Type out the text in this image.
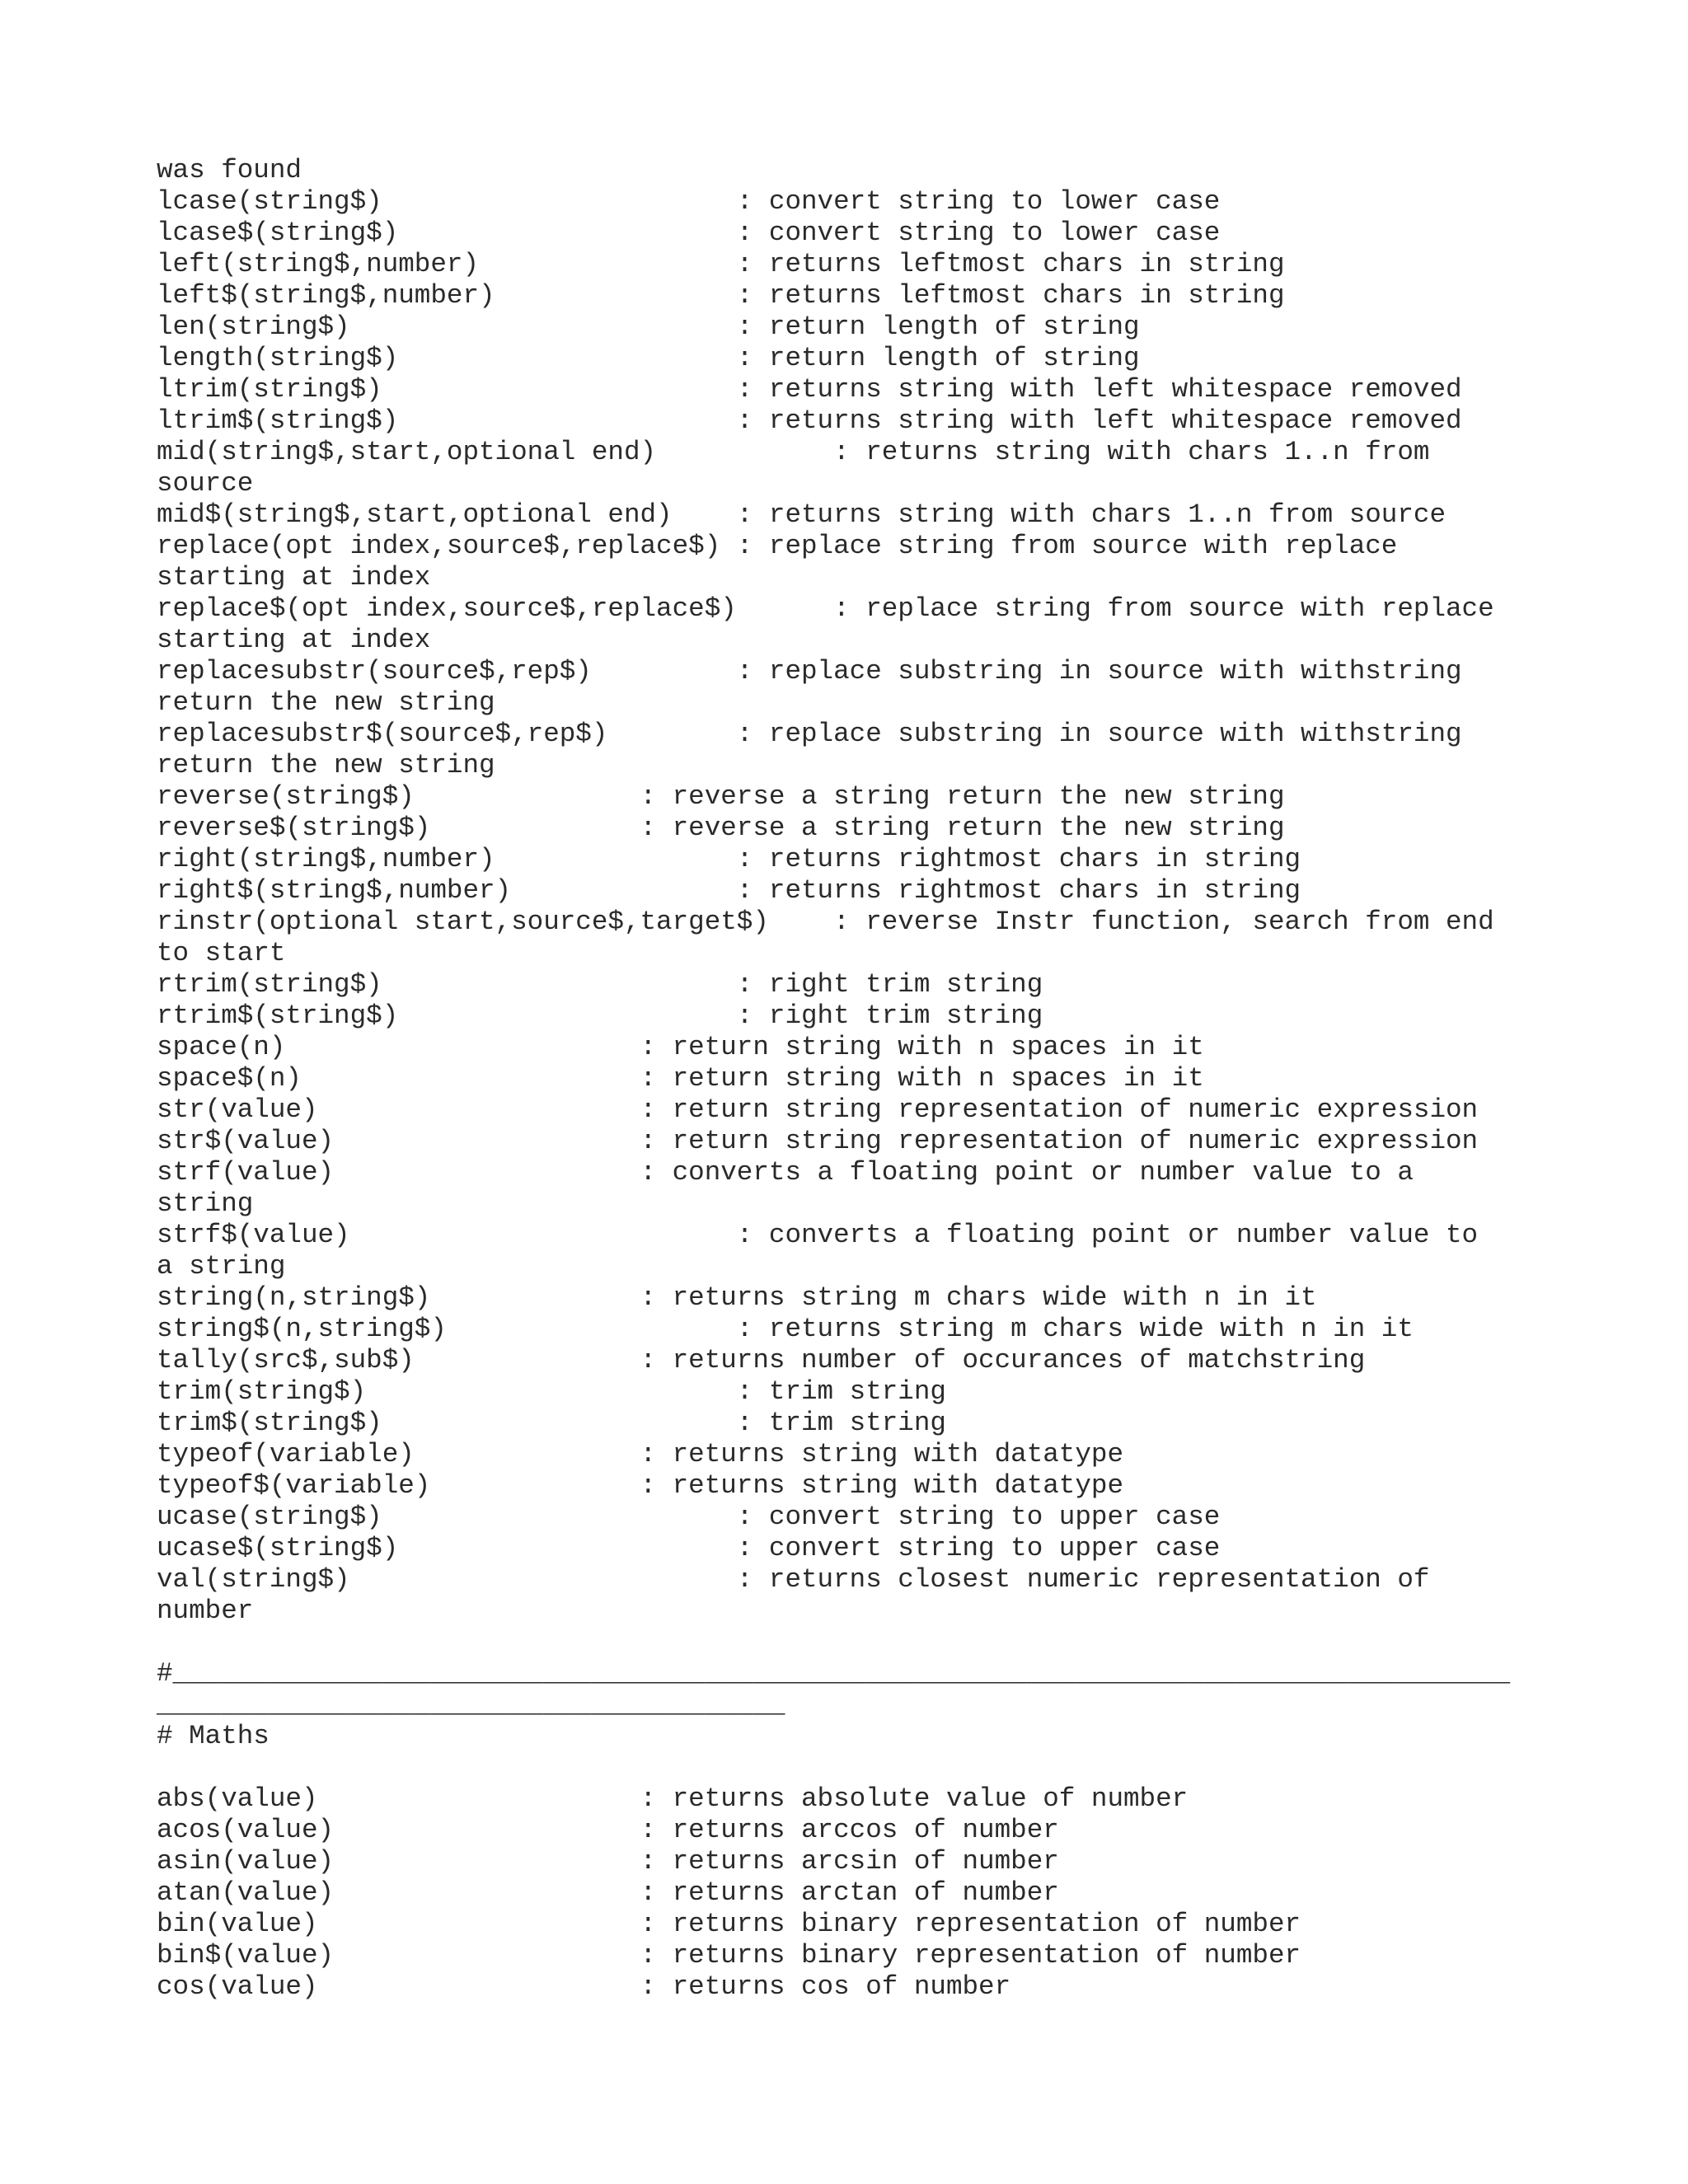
was found
lcase(string$)                      : convert string to lower case
lcase$(string$)                     : convert string to lower case
left(string$,number)                : returns leftmost chars in string
left$(string$,number)               : returns leftmost chars in string
len(string$)                        : return length of string
length(string$)                     : return length of string
ltrim(string$)                      : returns string with left whitespace removed
ltrim$(string$)                     : returns string with left whitespace removed
mid(string$,start,optional end)           : returns string with chars 1..n from
source
mid$(string$,start,optional end)    : returns string with chars 1..n from source
replace(opt index,source$,replace$) : replace string from source with replace
starting at index
replace$(opt index,source$,replace$)      : replace string from source with replace
starting at index
replacesubstr(source$,rep$)         : replace substring in source with withstring
return the new string
replacesubstr$(source$,rep$)        : replace substring in source with withstring
return the new string
reverse(string$)              : reverse a string return the new string
reverse$(string$)             : reverse a string return the new string
right(string$,number)               : returns rightmost chars in string
right$(string$,number)              : returns rightmost chars in string
rinstr(optional start,source$,target$)    : reverse Instr function, search from end
to start
rtrim(string$)                      : right trim string
rtrim$(string$)                     : right trim string
space(n)                      : return string with n spaces in it
space$(n)                     : return string with n spaces in it
str(value)                    : return string representation of numeric expression
str$(value)                   : return string representation of numeric expression
strf(value)                   : converts a floating point or number value to a
string
strf$(value)                        : converts a floating point or number value to
a string
string(n,string$)             : returns string m chars wide with n in it
string$(n,string$)                  : returns string m chars wide with n in it
tally(src$,sub$)              : returns number of occurances of matchstring
trim(string$)                       : trim string
trim$(string$)                      : trim string
typeof(variable)              : returns string with datatype
typeof$(variable)             : returns string with datatype
ucase(string$)                      : convert string to upper case
ucase$(string$)                     : convert string to upper case
val(string$)                        : returns closest numeric representation of
number
#___________________________________________________________________________________
_______________________________________
# Maths
abs(value)                    : returns absolute value of number
acos(value)                   : returns arccos of number
asin(value)                   : returns arcsin of number
atan(value)                   : returns arctan of number
bin(value)                    : returns binary representation of number
bin$(value)                   : returns binary representation of number
cos(value)                    : returns cos of number
